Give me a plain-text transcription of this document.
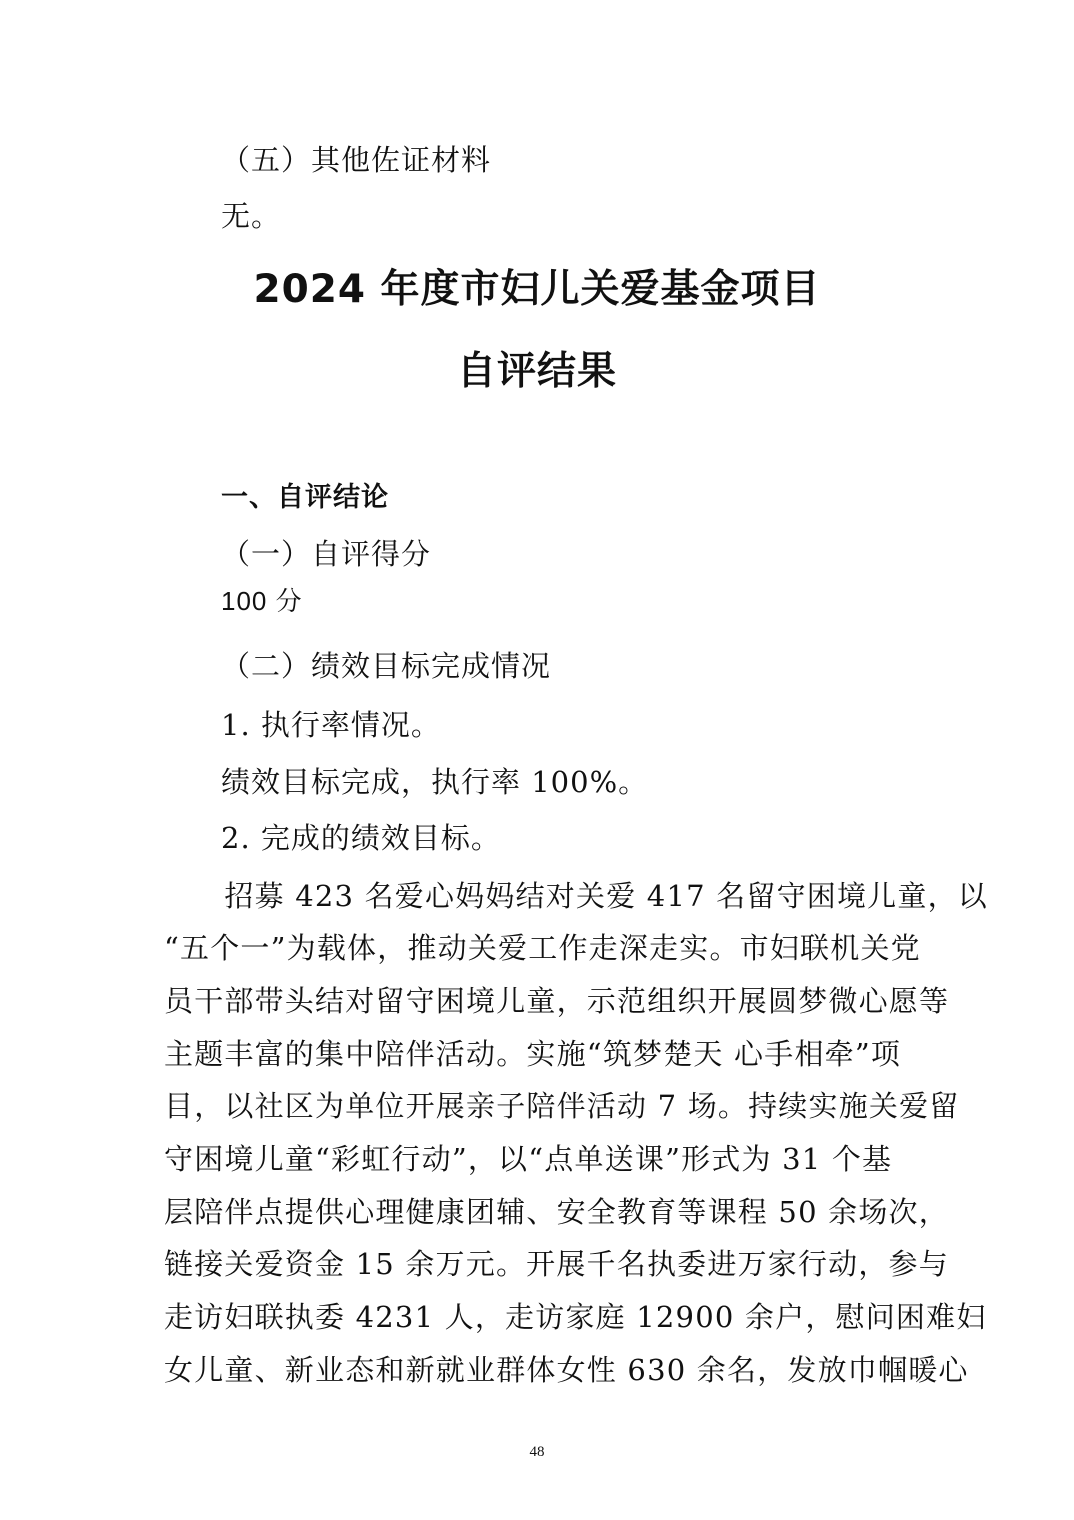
（五）其他佐证材料
无。
2024 年度市妇儿关爱基金项目
自评结果
一、自评结论
（一）自评得分
100 分
（二）绩效目标完成情况
1. 执行率情况。
绩效目标完成，执行率 100%。
2. 完成的绩效目标。
　　招募 423 名爱心妈妈结对关爱 417 名留守困境儿童，以
“五个一”为载体，推动关爱工作走深走实。市妇联机关党
员干部带头结对留守困境儿童，示范组织开展圆梦微心愿等
主题丰富的集中陪伴活动。实施“筑梦楚天 心手相牵”项
目，以社区为单位开展亲子陪伴活动 7 场。持续实施关爱留
守困境儿童“彩虹行动”，以“点单送课”形式为 31 个基
层陪伴点提供心理健康团辅、安全教育等课程 50 余场次，
链接关爱资金 15 余万元。开展千名执委进万家行动，参与
走访妇联执委 4231 人，走访家庭 12900 余户，慰问困难妇
女儿童、新业态和新就业群体女性 630 余名，发放巾帼暖心
48
